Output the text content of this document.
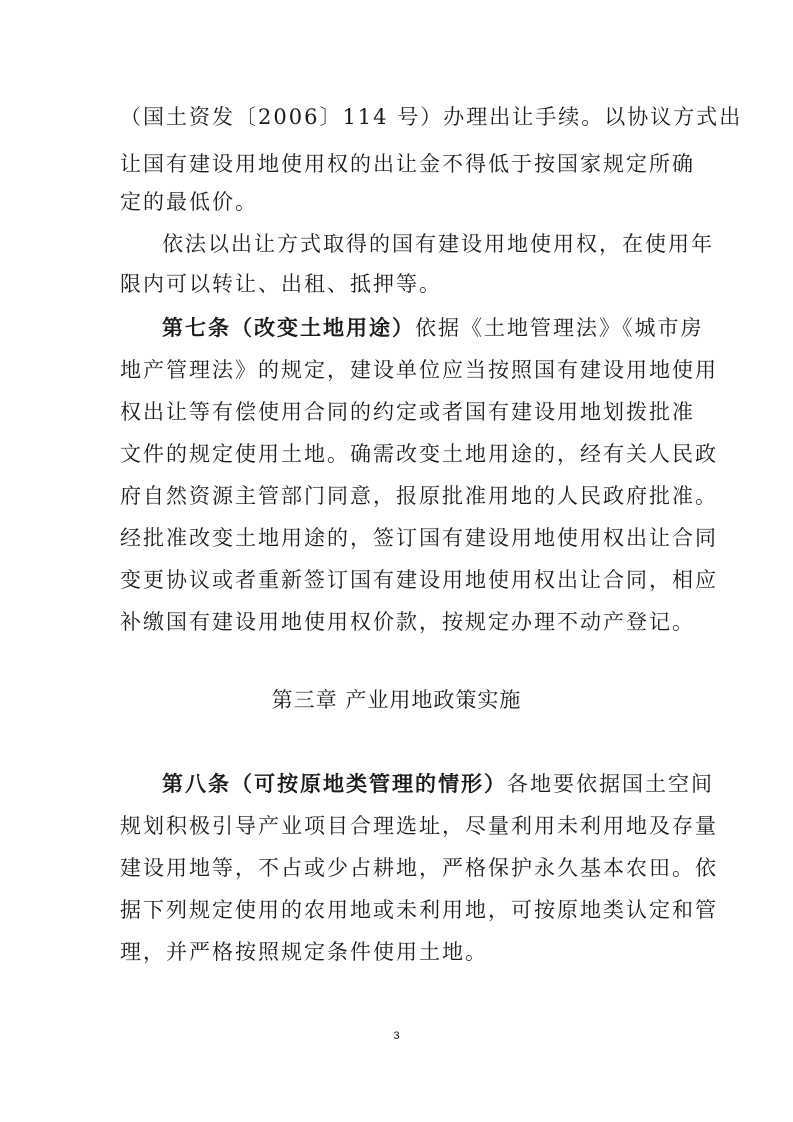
（国土资发〔2006〕114 号）办理出让手续。以协议方式出
让国有建设用地使用权的出让金不得低于按国家规定所确
定的最低价。
依法以出让方式取得的国有建设用地使用权，在使用年
限内可以转让、出租、抵押等。
第七条（改变土地用途）依据《土地管理法》《城市房
地产管理法》的规定，建设单位应当按照国有建设用地使用
权出让等有偿使用合同的约定或者国有建设用地划拨批准
文件的规定使用土地。确需改变土地用途的，经有关人民政
府自然资源主管部门同意，报原批准用地的人民政府批准。
经批准改变土地用途的，签订国有建设用地使用权出让合同
变更协议或者重新签订国有建设用地使用权出让合同，相应
补缴国有建设用地使用权价款，按规定办理不动产登记。
第三章 产业用地政策实施
第八条（可按原地类管理的情形）各地要依据国土空间
规划积极引导产业项目合理选址，尽量利用未利用地及存量
建设用地等，不占或少占耕地，严格保护永久基本农田。依
据下列规定使用的农用地或未利用地，可按原地类认定和管
理，并严格按照规定条件使用土地。
3
